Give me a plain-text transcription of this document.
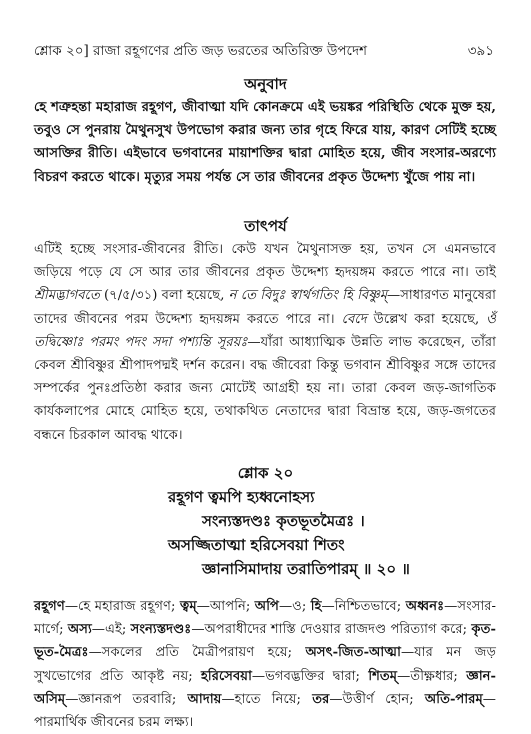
শ্লোক ২০] রাজা রহূগণের প্রতি জড় ভরতের অতিরিক্ত উপদেশ	৩৯১
অনুবাদ
হে শত্রুহন্তা মহারাজ রহূগণ, জীবাত্মা যদি কোনক্রমে এই ভয়ঙ্কর পরিস্থিতি থেকে মুক্ত হয়, তবুও সে পুনরায় মৈথুনসুখ উপভোগ করার জন্য তার গৃহে ফিরে যায়, কারণ সেটিই হচ্ছে আসক্তির রীতি। এইভাবে ভগবানের মায়াশক্তির দ্বারা মোহিত হয়ে, জীব সংসার-অরণ্যে বিচরণ করতে থাকে। মৃত্যুর সময় পর্যন্ত সে তার জীবনের প্রকৃত উদ্দেশ্য খুঁজে পায় না।
তাৎপর্য
এটিই হচ্ছে সংসার-জীবনের রীতি। কেউ যখন মৈথুনাসক্ত হয়, তখন সে এমনভাবে জড়িয়ে পড়ে যে সে আর তার জীবনের প্রকৃত উদ্দেশ্য হৃদয়ঙ্গম করতে পারে না। তাই শ্রীমদ্ভাগবতে (৭/৫/৩১) বলা হয়েছে, ন তে বিদুঃ স্বার্থগতিং হি বিষ্ণুম্—সাধারণত মানুষেরা তাদের জীবনের পরম উদ্দেশ্য হৃদয়ঙ্গম করতে পারে না। বেদে উল্লেখ করা হয়েছে, ওঁ তদ্বিষ্ণোঃ পরমং পদং সদা পশ্যন্তি সূরয়ঃ—যাঁরা আধ্যাত্মিক উন্নতি লাভ করেছেন, তাঁরা কেবল শ্রীবিষ্ণুর শ্রীপাদপদ্মই দর্শন করেন। বদ্ধ জীবেরা কিন্তু ভগবান শ্রীবিষ্ণুর সঙ্গে তাদের সম্পর্কের পুনঃপ্রতিষ্ঠা করার জন্য মোটেই আগ্রহী হয় না। তারা কেবল জড়-জাগতিক কার্যকলাপের মোহে মোহিত হয়ে, তথাকথিত নেতাদের দ্বারা বিভ্রান্ত হয়ে, জড়-জগতের বন্ধনে চিরকাল আবদ্ধ থাকে।
শ্লোক ২০
রহূগণ ত্বমপি হ্যধ্বনোহস্য
সংন্যস্তদণ্ডঃ কৃতভূতমৈত্রঃ ।
অসজ্জিতাত্মা হরিসেবয়া শিতং
জ্ঞানাসিমাদায় তরাতিপারম্ ॥ ২০ ॥
রহূগণ—হে মহারাজ রহূগণ; ত্বম্—আপনি; অপি—ও; হি—নিশ্চিতভাবে; অধ্বনঃ—সংসার-মার্গে; অস্য—এই; সংন্যস্তদণ্ডঃ—অপরাধীদের শাস্তি দেওয়ার রাজদণ্ড পরিত্যাগ করে; কৃত-ভূত-মৈত্রঃ—সকলের প্রতি মৈত্রীপরায়ণ হয়ে; অসৎ-জিত-আত্মা—যার মন জড় সুখভোগের প্রতি আকৃষ্ট নয়; হরিসেবয়া—ভগবদ্ভক্তির দ্বারা; শিতম্—তীক্ষ্ণধার; জ্ঞান-অসিম্—জ্ঞানরূপ তরবারি; আদায়—হাতে নিয়ে; তর—উত্তীর্ণ হোন; অতি-পারম্—পারমার্থিক জীবনের চরম লক্ষ্য।
